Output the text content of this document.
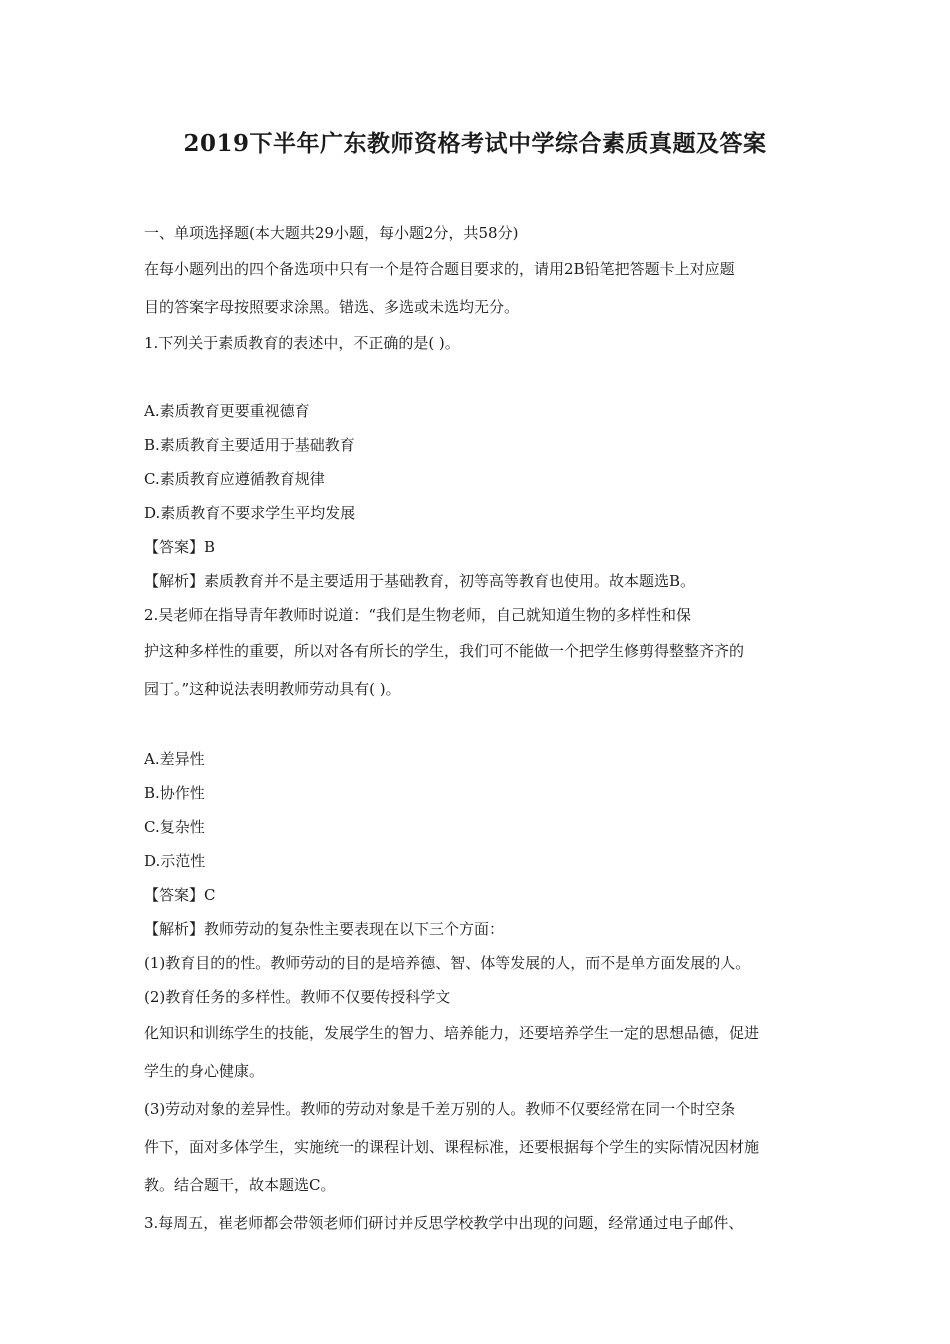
2019下半年广东教师资格考试中学综合素质真题及答案
一、单项选择题(本大题共29小题，每小题2分，共58分)
在每小题列出的四个备选项中只有一个是符合题目要求的，请用2B铅笔把答题卡上对应题
目的答案字母按照要求涂黑。错选、多选或未选均无分。
1.下列关于素质教育的表述中，不正确的是( )。
A.素质教育更要重视德育
B.素质教育主要适用于基础教育
C.素质教育应遵循教育规律
D.素质教育不要求学生平均发展
【答案】B
【解析】素质教育并不是主要适用于基础教育，初等高等教育也使用。故本题选B。
2.吴老师在指导青年教师时说道：“我们是生物老师，自己就知道生物的多样性和保
护这种多样性的重要，所以对各有所长的学生，我们可不能做一个把学生修剪得整整齐齐的
园丁。”这种说法表明教师劳动具有( )。
A.差异性
B.协作性
C.复杂性
D.示范性
【答案】C
【解析】教师劳动的复杂性主要表现在以下三个方面：
(1)教育目的的性。教师劳动的目的是培养德、智、体等发展的人，而不是单方面发展的人。
(2)教育任务的多样性。教师不仅要传授科学文
化知识和训练学生的技能，发展学生的智力、培养能力，还要培养学生一定的思想品德，促进
学生的身心健康。
(3)劳动对象的差异性。教师的劳动对象是千差万别的人。教师不仅要经常在同一个时空条
件下，面对多体学生，实施统一的课程计划、课程标准，还要根据每个学生的实际情况因材施
教。结合题干，故本题选C。
3.每周五，崔老师都会带领老师们研讨并反思学校教学中出现的问题，经常通过电子邮件、
